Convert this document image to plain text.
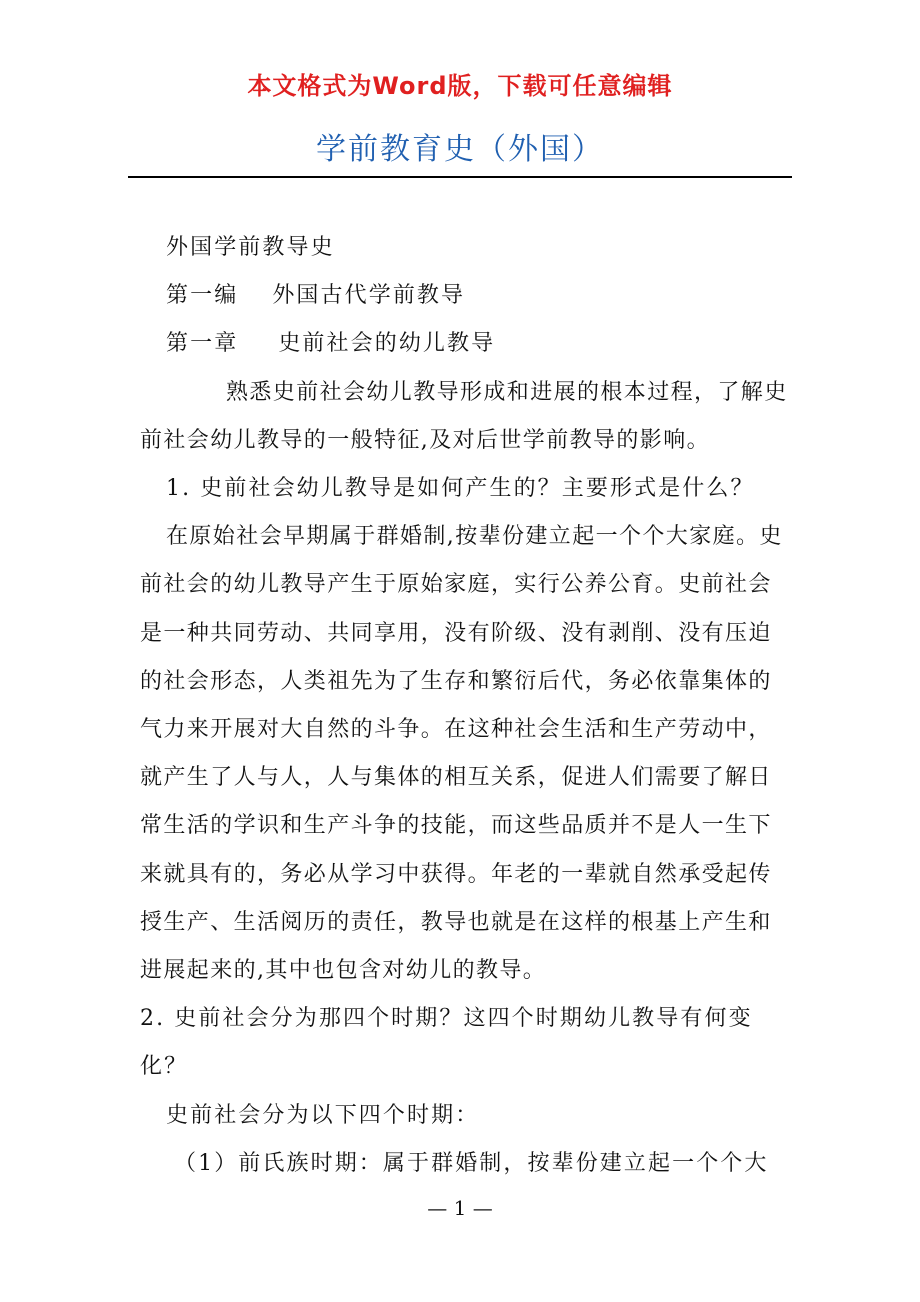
本文格式为Word版，下载可任意编辑
学前教育史（外国）

外国学前教导史

第一编 外国古代学前教导

第一章 史前社会的幼儿教导

熟悉史前社会幼儿教导形成和进展的根本过程，了解史前社会幼儿教导的一般特征,及对后世学前教导的影响。

1. 史前社会幼儿教导是如何产生的？主要形式是什么？

在原始社会早期属于群婚制,按辈份建立起一个个大家庭。史前社会的幼儿教导产生于原始家庭，实行公养公育。史前社会是一种共同劳动、共同享用，没有阶级、没有剥削、没有压迫的社会形态，人类祖先为了生存和繁衍后代，务必依靠集体的气力来开展对大自然的斗争。在这种社会生活和生产劳动中，就产生了人与人，人与集体的相互关系，促进人们需要了解日常生活的学识和生产斗争的技能，而这些品质并不是人一生下来就具有的，务必从学习中获得。年老的一辈就自然承受起传授生产、生活阅历的责任，教导也就是在这样的根基上产生和进展起来的,其中也包含对幼儿的教导。

2. 史前社会分为那四个时期？这四个时期幼儿教导有何变化？

史前社会分为以下四个时期：

（1）前氏族时期：属于群婚制，按辈份建立起一个个大

— 1 —
